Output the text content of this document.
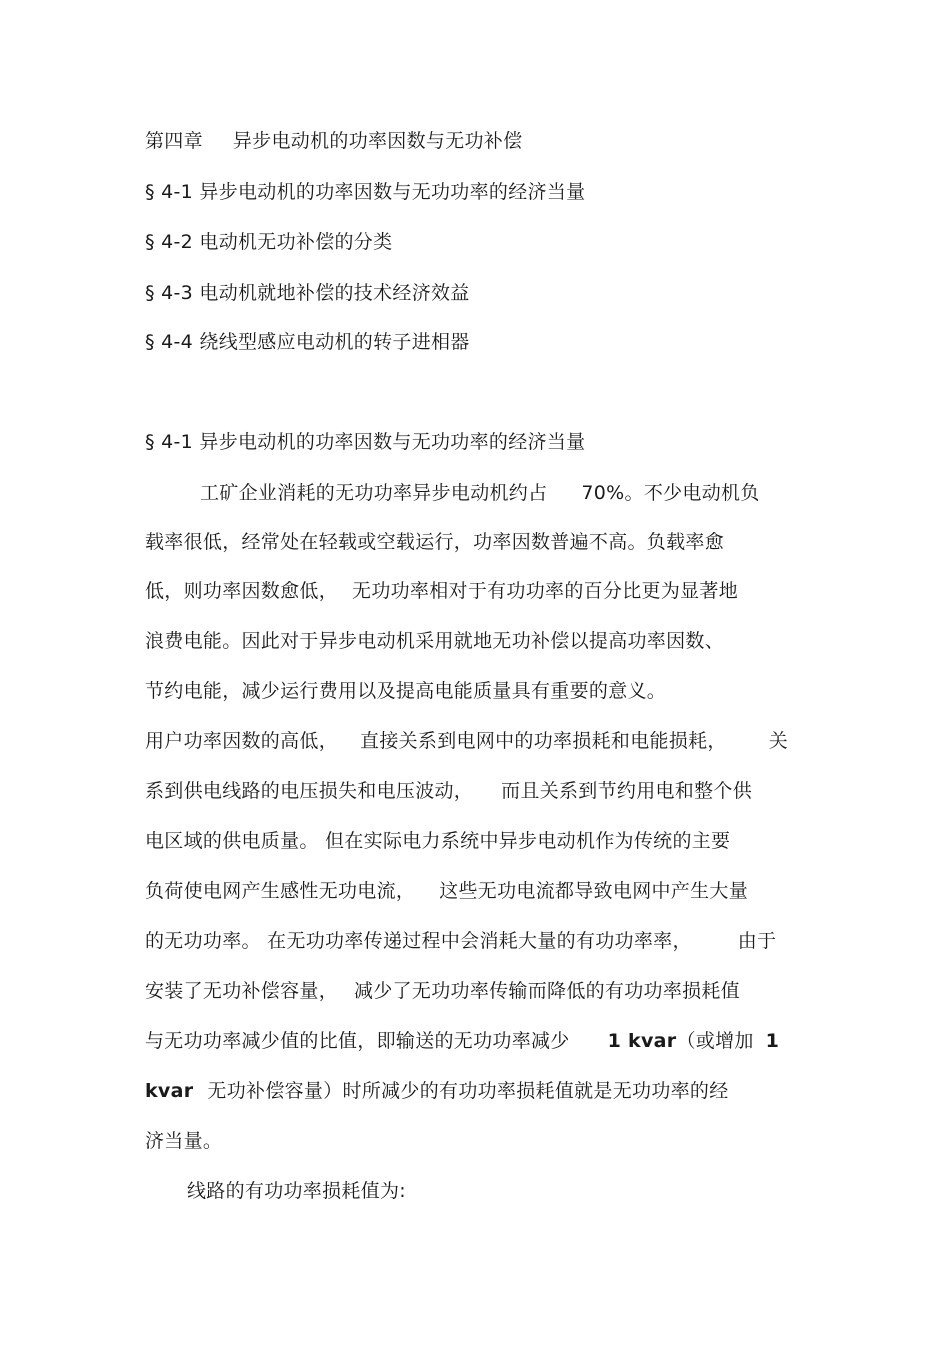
第四章 异步电动机的功率因数与无功补偿
§ 4-1 异步电动机的功率因数与无功功率的经济当量
§ 4-2 电动机无功补偿的分类
§ 4-3 电动机就地补偿的技术经济效益
§ 4-4 绕线型感应电动机的转子进相器
§ 4-1 异步电动机的功率因数与无功功率的经济当量
工矿企业消耗的无功功率异步电动机约占 70%。不少电动机负
载率很低，经常处在轻载或空载运行，功率因数普遍不高。负载率愈
低，则功率因数愈低， 无功功率相对于有功功率的百分比更为显著地
浪费电能。因此对于异步电动机采用就地无功补偿以提高功率因数、
节约电能，减少运行费用以及提高电能质量具有重要的意义。
用户功率因数的高低， 直接关系到电网中的功率损耗和电能损耗， 关
系到供电线路的电压损失和电压波动， 而且关系到节约用电和整个供
电区域的供电质量。 但在实际电力系统中异步电动机作为传统的主要
负荷使电网产生感性无功电流， 这些无功电流都导致电网中产生大量
的无功功率。 在无功功率传递过程中会消耗大量的有功功率率， 由于
安装了无功补偿容量， 减少了无功功率传输而降低的有功功率损耗值
与无功功率减少值的比值，即输送的无功功率减少 1 kvar（或增加 1
kvar 无功补偿容量）时所减少的有功功率损耗值就是无功功率的经
济当量。
线路的有功功率损耗值为:
